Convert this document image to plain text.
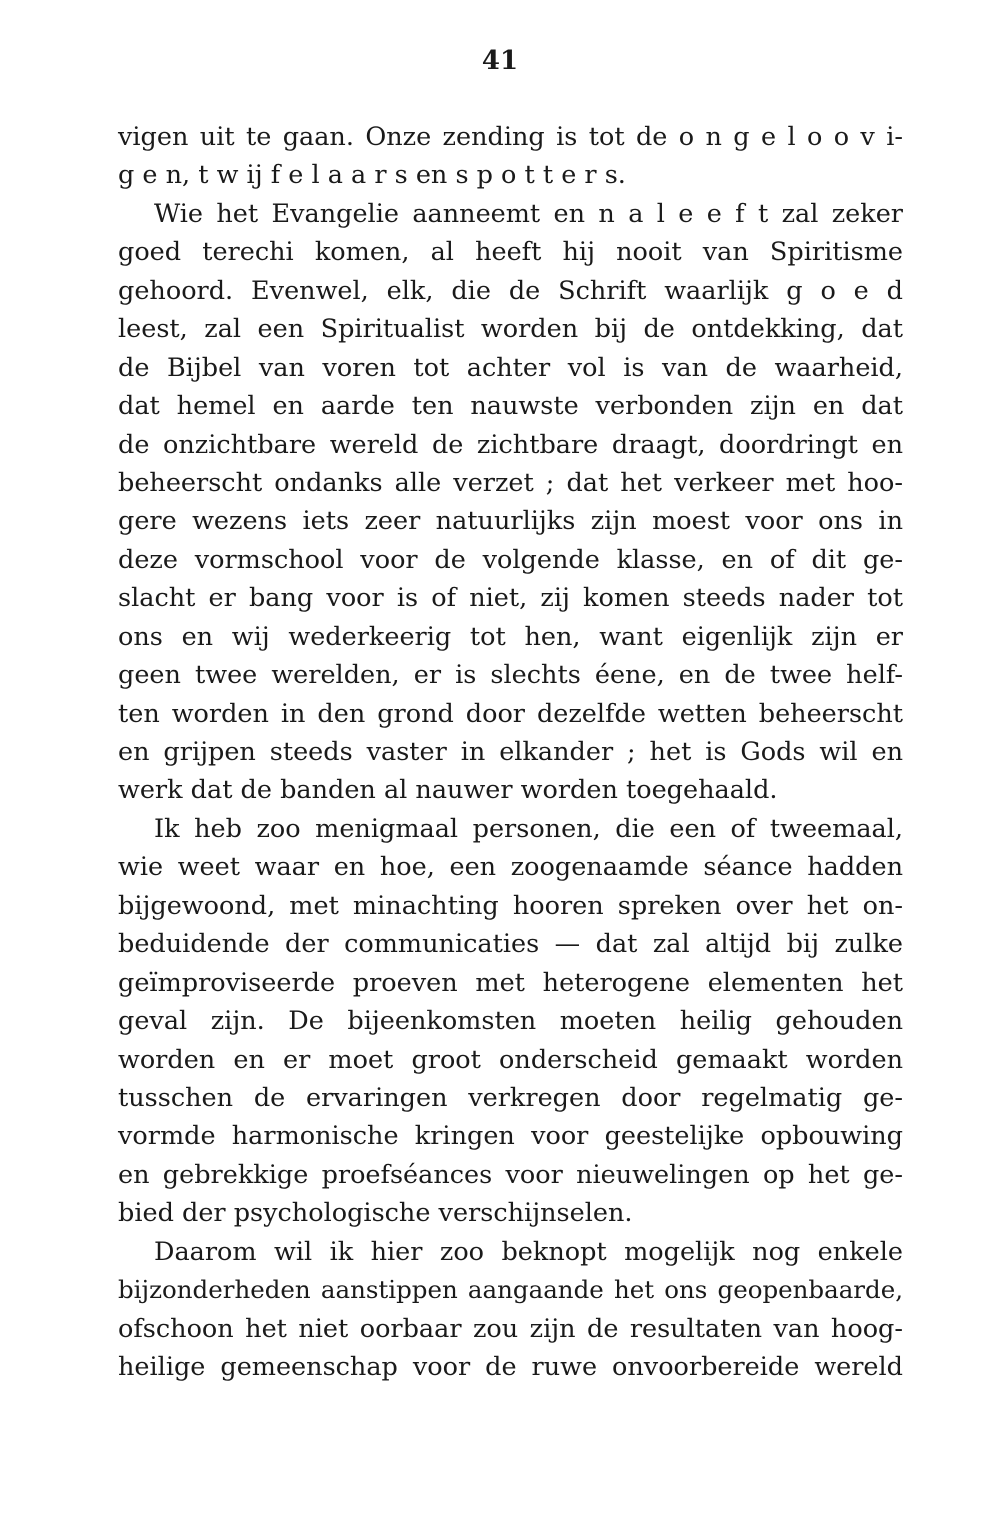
41
vigen uit te gaan. Onze zending is tot de o n g e l o o v i-
g e n, t w ij f e l a a r s en s p o t t e r s.
Wie het Evangelie aanneemt en n a l e e f t zal zeker
goed terechi komen, al heeft hij nooit van Spiritisme
gehoord. Evenwel, elk, die de Schrift waarlijk g o e d
leest, zal een Spiritualist worden bij de ontdekking, dat
de Bijbel van voren tot achter vol is van de waarheid,
dat hemel en aarde ten nauwste verbonden zijn en dat
de onzichtbare wereld de zichtbare draagt, doordringt en
beheerscht ondanks alle verzet ; dat het verkeer met hoo-
gere wezens iets zeer natuurlijks zijn moest voor ons in
deze vormschool voor de volgende klasse, en of dit ge-
slacht er bang voor is of niet, zij komen steeds nader tot
ons en wij wederkeerig tot hen, want eigenlijk zijn er
geen twee werelden, er is slechts éene, en de twee helf-
ten worden in den grond door dezelfde wetten beheerscht
en grijpen steeds vaster in elkander ; het is Gods wil en
werk dat de banden al nauwer worden toegehaald.
Ik heb zoo menigmaal personen, die een of tweemaal,
wie weet waar en hoe, een zoogenaamde séance hadden
bijgewoond, met minachting hooren spreken over het on-
beduidende der communicaties — dat zal altijd bij zulke
geïmproviseerde proeven met heterogene elementen het
geval zijn. De bijeenkomsten moeten heilig gehouden
worden en er moet groot onderscheid gemaakt worden
tusschen de ervaringen verkregen door regelmatig ge-
vormde harmonische kringen voor geestelijke opbouwing
en gebrekkige proefséances voor nieuwelingen op het ge-
bied der psychologische verschijnselen.
Daarom wil ik hier zoo beknopt mogelijk nog enkele
bijzonderheden aanstippen aangaande het ons geopenbaarde,
ofschoon het niet oorbaar zou zijn de resultaten van hoog-
heilige gemeenschap voor de ruwe onvoorbereide wereld
